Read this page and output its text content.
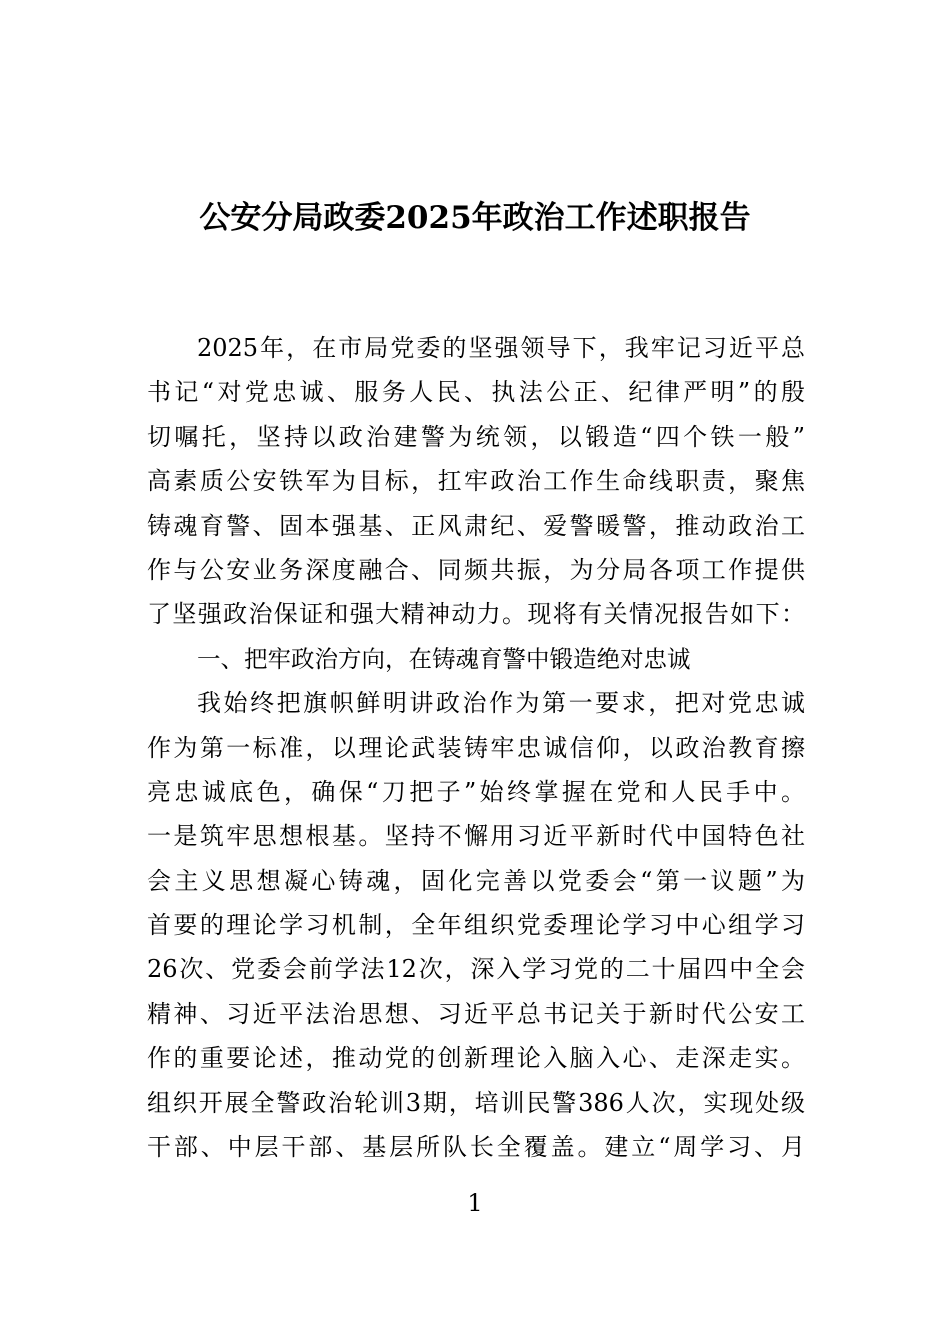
公安分局政委2025年政治工作述职报告
2025年，在市局党委的坚强领导下，我牢记习近平总
书记“对党忠诚、服务人民、执法公正、纪律严明”的殷
切嘱托，坚持以政治建警为统领，以锻造“四个铁一般”
高素质公安铁军为目标，扛牢政治工作生命线职责，聚焦
铸魂育警、固本强基、正风肃纪、爱警暖警，推动政治工
作与公安业务深度融合、同频共振，为分局各项工作提供
了坚强政治保证和强大精神动力。现将有关情况报告如下：
一、把牢政治方向，在铸魂育警中锻造绝对忠诚
我始终把旗帜鲜明讲政治作为第一要求，把对党忠诚
作为第一标准，以理论武装铸牢忠诚信仰，以政治教育擦
亮忠诚底色，确保“刀把子”始终掌握在党和人民手中。
一是筑牢思想根基。坚持不懈用习近平新时代中国特色社
会主义思想凝心铸魂，固化完善以党委会“第一议题”为
首要的理论学习机制，全年组织党委理论学习中心组学习
26次、党委会前学法12次，深入学习党的二十届四中全会
精神、习近平法治思想、习近平总书记关于新时代公安工
作的重要论述，推动党的创新理论入脑入心、走深走实。
组织开展全警政治轮训3期，培训民警386人次，实现处级
干部、中层干部、基层所队长全覆盖。建立“周学习、月
1
